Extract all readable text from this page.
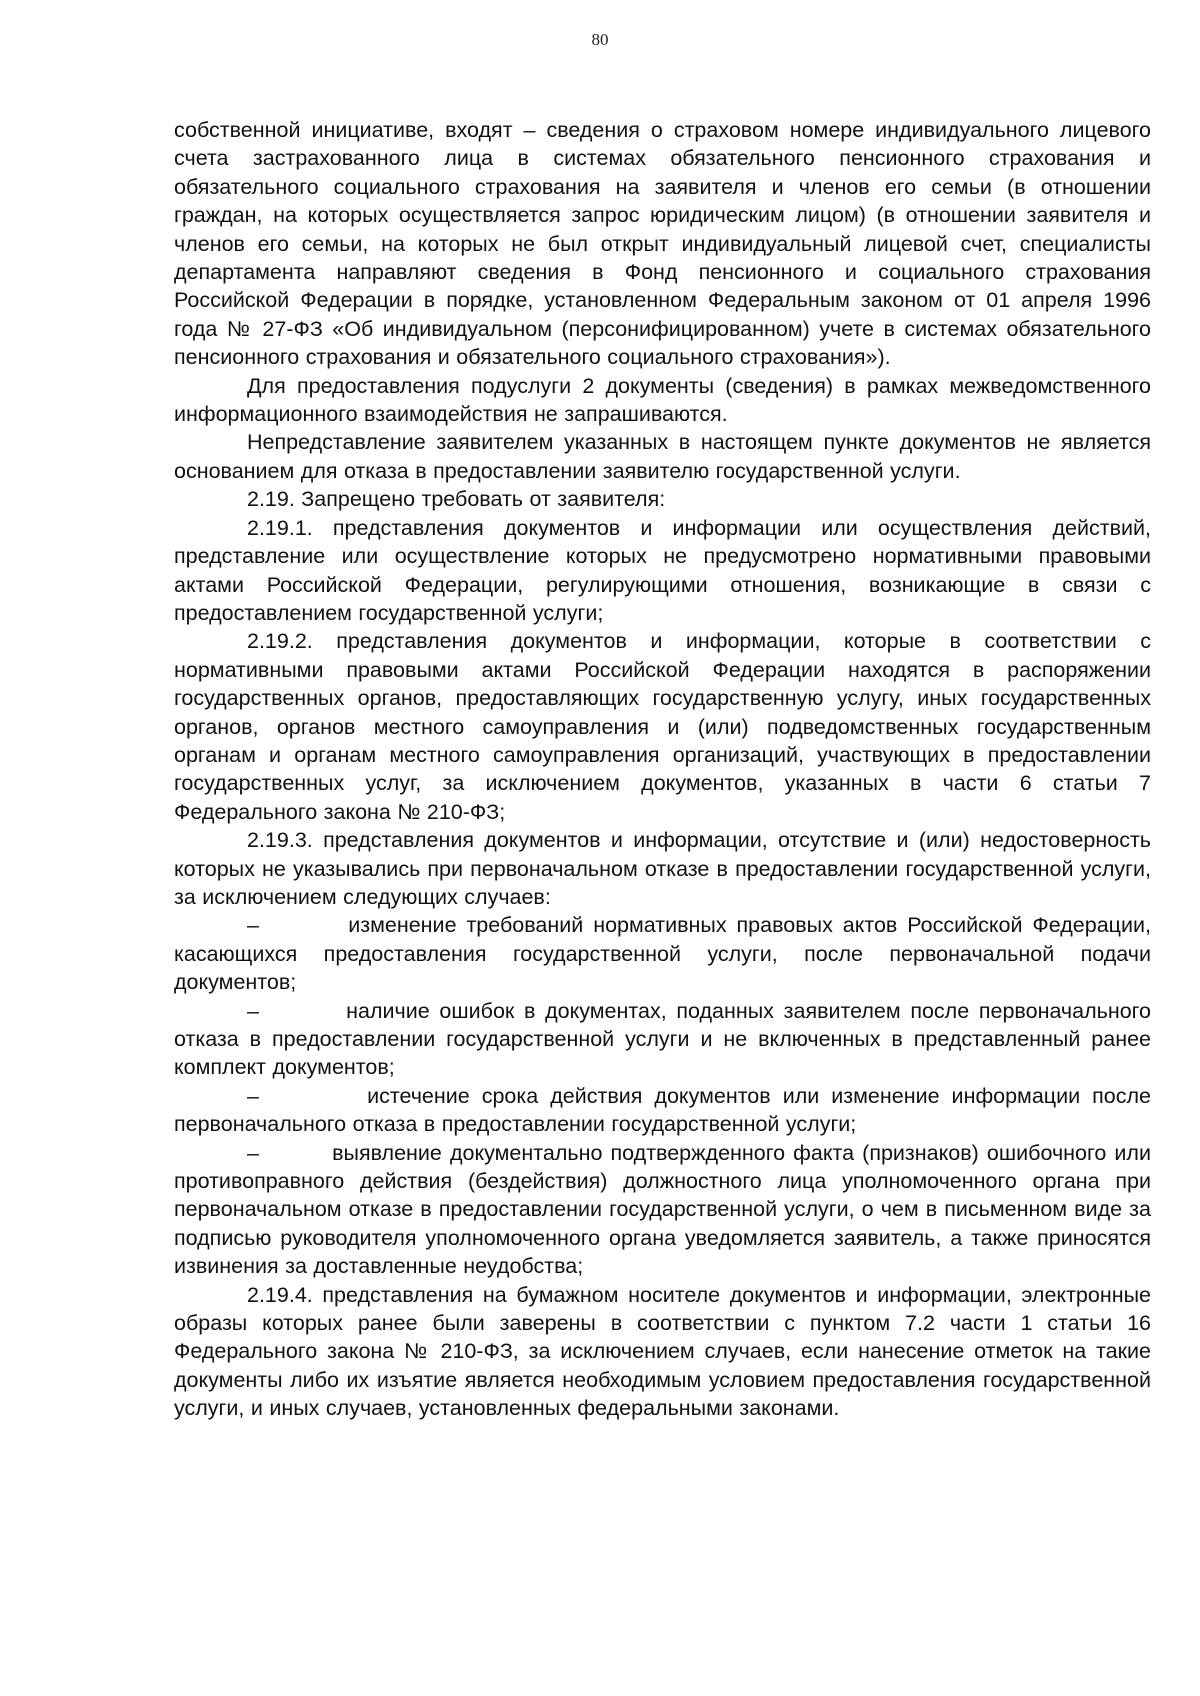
80

собственной инициативе, входят – сведения о страховом номере индивидуального лицевого счета застрахованного лица в системах обязательного пенсионного страхования и обязательного социального страхования на заявителя и членов его семьи (в отношении граждан, на которых осуществляется запрос юридическим лицом) (в отношении заявителя и членов его семьи, на которых не был открыт индивидуальный лицевой счет, специалисты департамента направляют сведения в Фонд пенсионного и социального страхования Российской Федерации в порядке, установленном Федеральным законом от 01 апреля 1996 года № 27-ФЗ «Об индивидуальном (персонифицированном) учете в системах обязательного пенсионного страхования и обязательного социального страхования»).

Для предоставления подуслуги 2 документы (сведения) в рамках межведомственного информационного взаимодействия не запрашиваются.

Непредставление заявителем указанных в настоящем пункте документов не является основанием для отказа в предоставлении заявителю государственной услуги.

2.19. Запрещено требовать от заявителя:

2.19.1. представления документов и информации или осуществления действий, представление или осуществление которых не предусмотрено нормативными правовыми актами Российской Федерации, регулирующими отношения, возникающие в связи с предоставлением государственной услуги;

2.19.2. представления документов и информации, которые в соответствии с нормативными правовыми актами Российской Федерации находятся в распоряжении государственных органов, предоставляющих государственную услугу, иных государственных органов, органов местного самоуправления и (или) подведомственных государственным органам и органам местного самоуправления организаций, участвующих в предоставлении государственных услуг, за исключением документов, указанных в части 6 статьи 7 Федерального закона № 210-ФЗ;

2.19.3. представления документов и информации, отсутствие и (или) недостоверность которых не указывались при первоначальном отказе в предоставлении государственной услуги, за исключением следующих случаев:

–         изменение требований нормативных правовых актов Российской Федерации, касающихся предоставления государственной услуги, после первоначальной подачи документов;

–         наличие ошибок в документах, поданных заявителем после первоначального отказа в предоставлении государственной услуги и не включенных в представленный ранее комплект документов;

–         истечение срока действия документов или изменение информации после первоначального отказа в предоставлении государственной услуги;

–         выявление документально подтвержденного факта (признаков) ошибочного или противоправного действия (бездействия) должностного лица уполномоченного органа при первоначальном отказе в предоставлении государственной услуги, о чем в письменном виде за подписью руководителя уполномоченного органа уведомляется заявитель, а также приносятся извинения за доставленные неудобства;

2.19.4. представления на бумажном носителе документов и информации, электронные образы которых ранее были заверены в соответствии с пунктом 7.2 части 1 статьи 16 Федерального закона № 210-ФЗ, за исключением случаев, если нанесение отметок на такие документы либо их изъятие является необходимым условием предоставления государственной услуги, и иных случаев, установленных федеральными законами.
